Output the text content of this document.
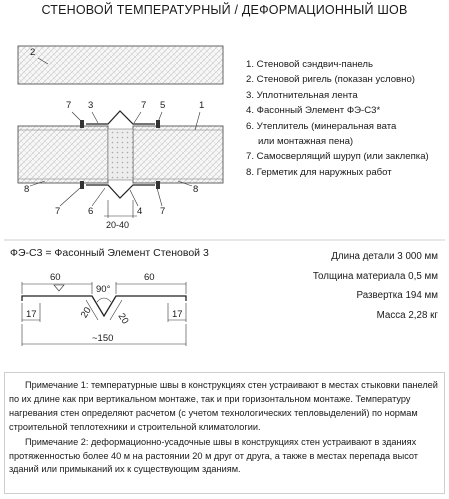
СТЕНОВОЙ ТЕМПЕРАТУРНЫЙ / ДЕФОРМАЦИОННЫЙ ШОВ
2
7 3	7 5	1
8
7	6	4 7
8
20-40
60	60
90°
20 20
17	17
~150
1. Стеновой сэндвич-панель
2. Стеновой ригель (показан условно)
3. Уплотнительная лента
4. Фасонный Элемент ФЭ-С3*
6. Утеплитель (минеральная вата
или монтажная пена)
7. Самосверлящий шуруп (или заклепка)
8. Герметик для наружных работ
ФЭ-С3 = Фасонный Элемент Стеновой 3	Длина детали 3 000 мм
Толщина материала 0,5 мм
Развертка 194 мм
Масса 2,28 кг

Примечание 1: температурные швы в конструкциях стен устраивают в местах стыковки панелей по их длине как при вертикальном монтаже, так и при горизонтальном монтаже. Температуру нагревания стен определяют расчетом (с учетом технологических тепловыделений) по нормам строительной теплотехники и строительной климатологии.

Примечание 2: деформационно-усадочные швы в конструкциях стен устраивают в зданиях протяженностью более 40 м на растоянии 20 м друг от друга, а также в местах перепада высот зданий или примыканий их к существующим зданиям.
